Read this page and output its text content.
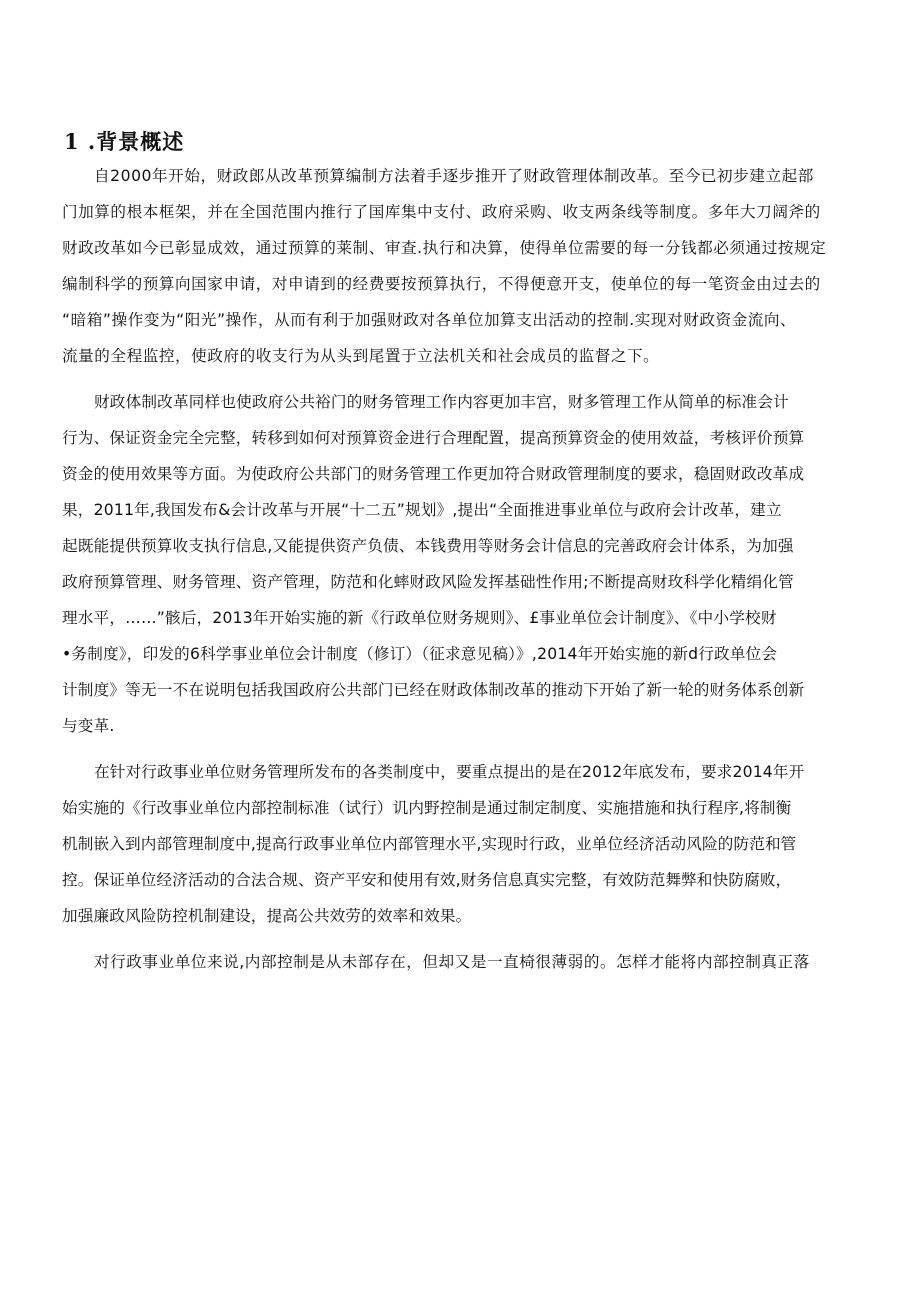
1 .背景概述
自2000年开始，财政郎从改革预算编制方法着手逐步推开了财政管理体制改革。至今已初步建立起部
门加算的根本框架，并在全国范围内推行了国库集中支付、政府采购、收支两条线等制度。多年大刀阔斧的
财政改革如今已彰显成效，通过预算的莱制、审查.执行和决算，使得单位需要的每一分钱都必须通过按规定
编制科学的预算向国家申请，对申请到的经费要按预算执行，不得便意开支，使单位的每一笔资金由过去的
“暗箱”操作变为“阳光”操作，从而有利于加强财政对各单位加算支出活动的控制.实现对财政资金流向、
流量的全程监控，使政府的收支行为从头到尾置于立法机关和社会成员的监督之下。
财政体制改革同样也使政府公共裕门的财务管理工作内容更加丰宫，财多管理工作从简单的标准会计
行为、保证资金完全完整，转移到如何对预算资金进行合理配置，提高预算资金的使用效益，考核评价预算
资金的使用效果等方面。为使政府公共部门的财务管理工作更加符合财政管理制度的要求，稳固财政改革成
果，2011年,我国发布&会计改革与开展“十二五”规划》,提出“全面推进事业单位与政府会计改革，建立
起既能提供预算收支执行信息,又能提供资产负债、本钱费用等财务会计信息的完善政府会计体系，为加强
政府预算管理、财务管理、资产管理，防范和化蟀财政风险发挥基础性作用;不断提高财玫科学化精绢化管
理水平，……”骸后，2013年开始实施的新《行政单位财务规则》、£事业单位会计制度》、《中小学校财
•务制度》，印发的6科学事业单位会计制度（修订）（征求意见稿）》,2014年开始实施的新d行政单位会
计制度》等无一不在说明包括我国政府公共部门已经在财政体制改革的推动下开始了新一轮的财务体系创新
与变革.
在针对行政事业单位财务管理所发布的各类制度中，要重点提出的是在2012年底发布，要求2014年开
始实施的《行改事业单位内部控制标准（试行）讥内野控制是通过制定制度、实施措施和执行程序,将制衡
机制嵌入到内部管理制度中,提高行政事业单位内部管理水平,实现时行政，业单位经济活动风险的防范和管
控。保证单位经济活动的合法合规、资产平安和使用有效,财务信息真实完整，有效防范舞弊和快防腐败，
加强廉政风险防控机制建设，提高公共效劳的效率和效果。
对行政事业单位来说,内部控制是从未部存在，但却又是一直椅很薄弱的。怎样才能将内部控制真正落
